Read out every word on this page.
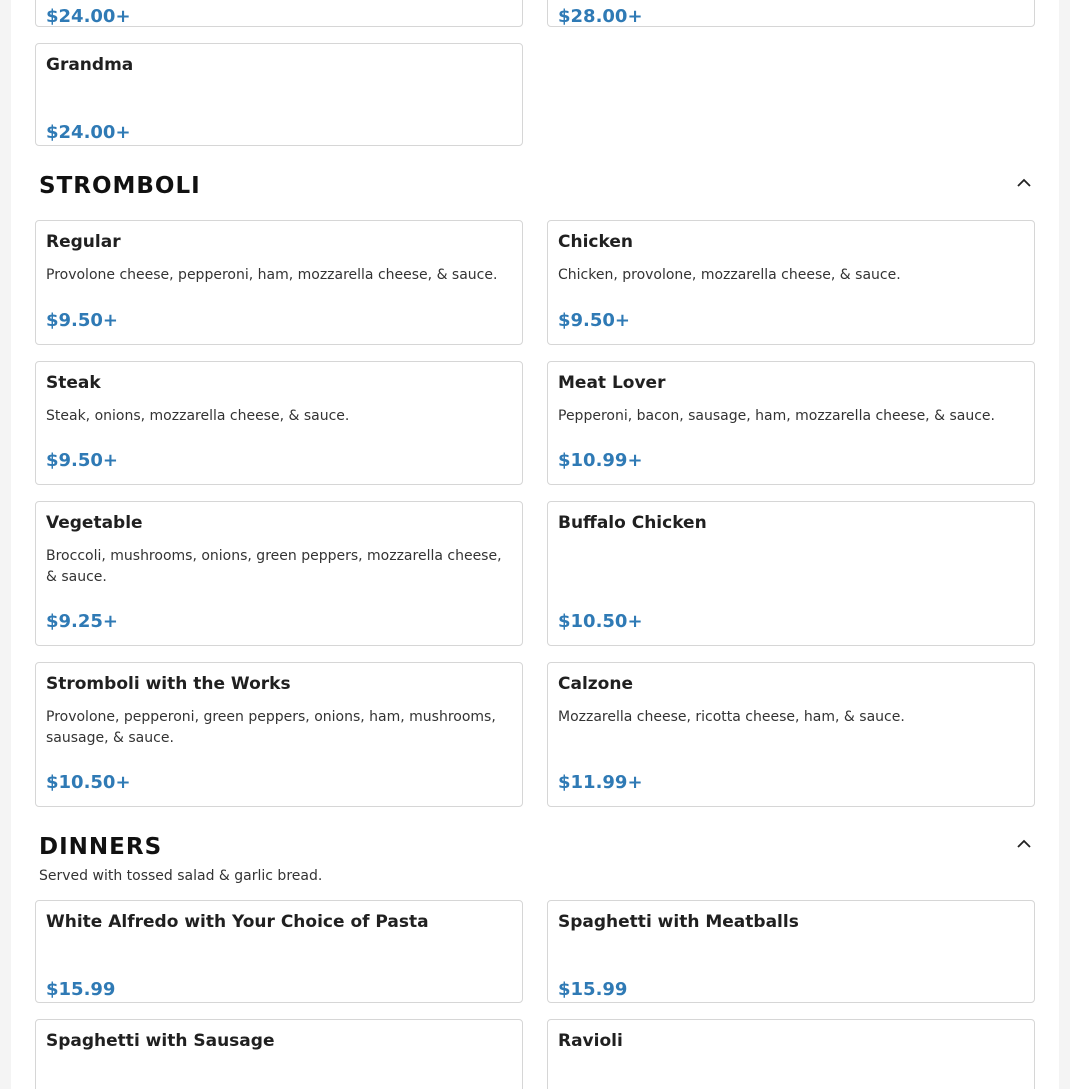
$24.00+	$28.00+
Grandma
$24.00+
STROMBOLI
Regular
Provolone cheese, pepperoni, ham, mozzarella cheese, & sauce.
$9.50+
Chicken
Chicken, provolone, mozzarella cheese, & sauce.
$9.50+
Steak
Steak, onions, mozzarella cheese, & sauce.
$9.50+
Meat Lover
Pepperoni, bacon, sausage, ham, mozzarella cheese, & sauce.
$10.99+
Vegetable
Broccoli, mushrooms, onions, green peppers, mozzarella cheese, & sauce.
$9.25+
Buffalo Chicken
$10.50+
Stromboli with the Works
Provolone, pepperoni, green peppers, onions, ham, mushrooms, sausage, & sauce.
$10.50+
Calzone
Mozzarella cheese, ricotta cheese, ham, & sauce.
$11.99+
DINNERS
Served with tossed salad & garlic bread.
White Alfredo with Your Choice of Pasta
$15.99
Spaghetti with Meatballs
$15.99
Spaghetti with Sausage	Ravioli
